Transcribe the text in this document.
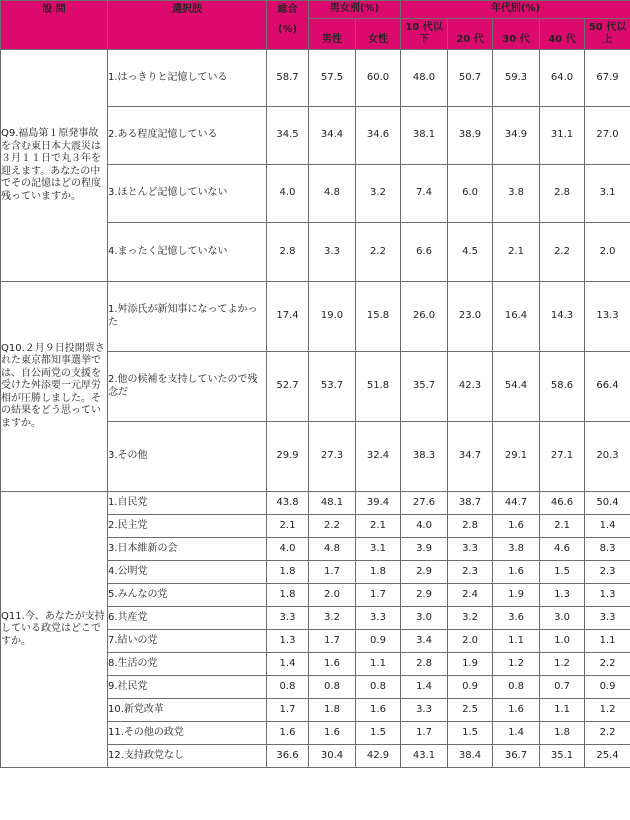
設 問	選択肢	総合
(%)	男女別(%)		年代別(%)				
			男性	女性	10 代以下	20 代	30 代	40 代	50 代以上
Q9.福島第１原発事故を含む東日本大震災は３月１１日で丸３年を迎えます。あなたの中でその記憶はどの程度残っていますか。	1.はっきりと記憶している	58.7	57.5	60.0	48.0	50.7	59.3	64.0	67.9
	2.ある程度記憶している	34.5	34.4	34.6	38.1	38.9	34.9	31.1	27.0
	3.ほとんど記憶していない	4.0	4.8	3.2	7.4	6.0	3.8	2.8	3.1
	4.まったく記憶していない	2.8	3.3	2.2	6.6	4.5	2.1	2.2	2.0
Q10.２月９日投開票された東京都知事選挙では、自公両党の支援を受けた舛添要一元厚労相が圧勝しました。その結果をどう思っていますか。	1.舛添氏が新知事になってよかった	17.4	19.0	15.8	26.0	23.0	16.4	14.3	13.3
	2.他の候補を支持していたので残念だ	52.7	53.7	51.8	35.7	42.3	54.4	58.6	66.4
	3.その他	29.9	27.3	32.4	38.3	34.7	29.1	27.1	20.3
Q11.今、あなたが支持している政党はどこですか。	1.自民党	43.8	48.1	39.4	27.6	38.7	44.7	46.6	50.4
	2.民主党	2.1	2.2	2.1	4.0	2.8	1.6	2.1	1.4
	3.日本維新の会	4.0	4.8	3.1	3.9	3.3	3.8	4.6	8.3
	4.公明党	1.8	1.7	1.8	2.9	2.3	1.6	1.5	2.3
	5.みんなの党	1.8	2.0	1.7	2.9	2.4	1.9	1.3	1.3
	6.共産党	3.3	3.2	3.3	3.0	3.2	3.6	3.0	3.3
	7.結いの党	1.3	1.7	0.9	3.4	2.0	1.1	1.0	1.1
	8.生活の党	1.4	1.6	1.1	2.8	1.9	1.2	1.2	2.2
	9.社民党	0.8	0.8	0.8	1.4	0.9	0.8	0.7	0.9
	10.新党改革	1.7	1.8	1.6	3.3	2.5	1.6	1.1	1.2
	11.その他の政党	1.6	1.6	1.5	1.7	1.5	1.4	1.8	2.2
	12.支持政党なし	36.6	30.4	42.9	43.1	38.4	36.7	35.1	25.4
